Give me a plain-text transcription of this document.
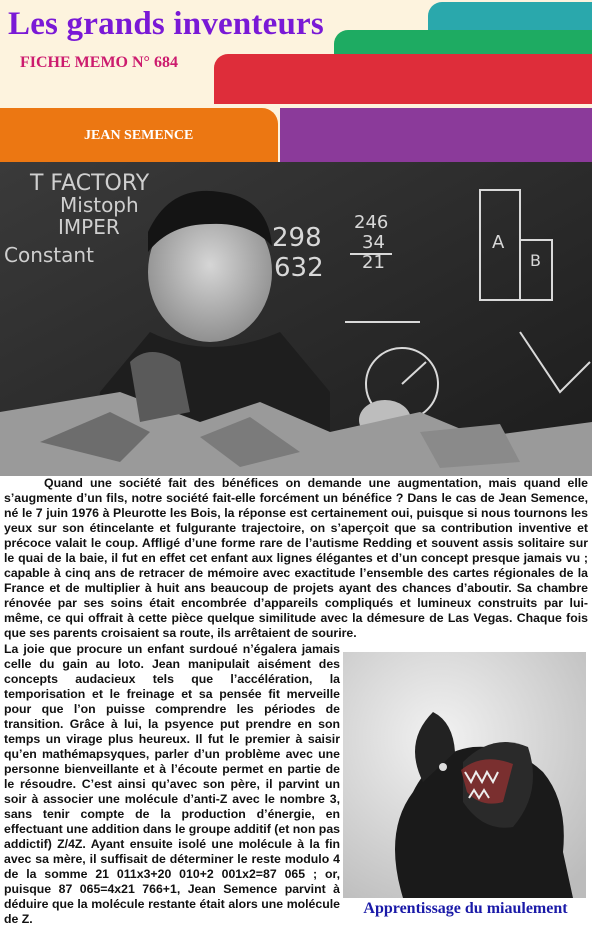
Les grands inventeurs
FICHE MEMO N° 684
JEAN SEMENCE
T FACTORY
Mistoph
IMPER
Constant
298
632
246
34
21
A
B

Quand une société fait des bénéfices on demande une augmentation, mais quand elle s’augmente d’un fils, notre société fait-elle forcément un bénéfice ? Dans le cas de Jean Semence, né le 7 juin 1976 à Pleurotte les Bois, la réponse est certainement oui, puisque si nous tournons les yeux sur son étincelante et fulgurante trajectoire, on s’aperçoit que sa contribution inventive et précoce valait le coup. Affligé d’une forme rare de l’autisme Redding et souvent assis solitaire sur le quai de la baie, il fut en effet cet enfant aux lignes élégantes et d’un concept presque jamais vu ; capable à cinq ans de retracer de mémoire avec exactitude l’ensemble des cartes régionales de la France et de multiplier à huit ans beaucoup de projets ayant des chances d’aboutir. Sa chambre rénovée par ses soins était encombrée d’appareils compliqués et lumineux construits par lui-même, ce qui offrait à cette pièce quelque similitude avec la démesure de Las Vegas. Chaque fois que ses parents croisaient sa route, ils arrêtaient de sourire.

La joie que procure un enfant surdoué n’égalera jamais celle du gain au loto. Jean manipulait aisément des concepts audacieux tels que l’accélération, la temporisation et le freinage et sa pensée fit merveille pour que l’on puisse comprendre les périodes de transition. Grâce à lui, la psyence put prendre en son temps un virage plus heureux. Il fut le premier à saisir qu’en mathémapsyques, parler d’un problème avec une personne bienveillante et à l’écoute permet en partie de le résoudre. C’est ainsi qu’avec son père, il parvint un soir à associer une molécule d’anti-Z avec le nombre 3, sans tenir compte de la production d’énergie, en effectuant une addition dans le groupe additif (et non pas addictif) Z/4Z. Ayant ensuite isolé une molécule à la fin avec sa mère, il suffisait de déterminer le reste modulo 4 de la somme 21 011x3+20 010+2 001x2=87 065 ; or, puisque 87 065=4x21 766+1, Jean Semence parvint à déduire que la molécule restante était alors une molécule de Z.

Apprentissage du miaulement
